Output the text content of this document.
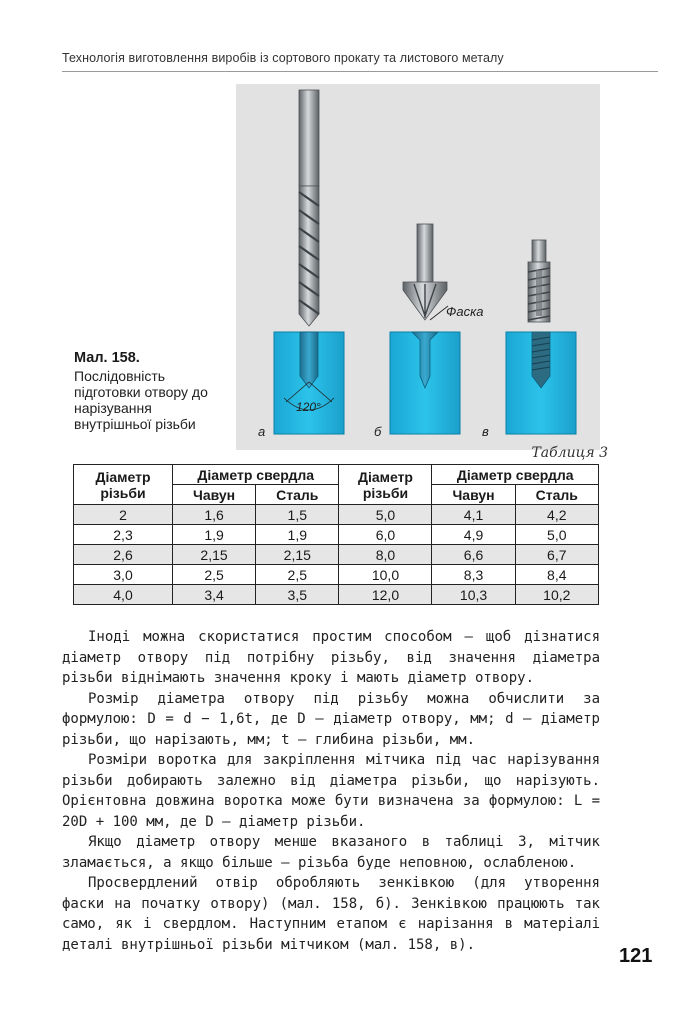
Технологія виготовлення виробів із сортового прокату та листового металу
120°
Фаска
а	б	в
Мал. 158.
Послідовність підготовки отвору до нарізування внутрішньої різьби
Таблиця 3
Діаметр різьби	Діаметр свердла		Діаметр різьби	Діаметр свердла	
	Чавун	Сталь		Чавун	Сталь
2	1,6	1,5	5,0	4,1	4,2
2,3	1,9	1,9	6,0	4,9	5,0
2,6	2,15	2,15	8,0	6,6	6,7
3,0	2,5	2,5	10,0	8,3	8,4
4,0	3,4	3,5	12,0	10,3	10,2

Іноді можна скористатися простим способом — щоб дізнатися діаметр отвору під потрібну різьбу, від значення діаметра різьби віднімають значення кроку і мають діаметр отвору.

Розмір діаметра отвору під різьбу можна обчислити за формулою: D = d − 1,6t, де D — діаметр отвору, мм; d — діаметр різьби, що нарізають, мм; t — глибина різьби, мм.

Розміри воротка для закріплення мітчика під час нарізування різьби добирають залежно від діаметра різьби, що нарізують. Орієнтовна довжина воротка може бути визначена за формулою: L = 20D + 100 мм, де D — діаметр різьби.

Якщо діаметр отвору менше вказаного в таблиці 3, мітчик зламається, а якщо більше — різьба буде неповною, ослабленою.

Просвердлений отвір обробляють зенківкою (для утворення фаски на початку отвору) (мал. 158, б). Зенківкою працюють так само, як і свердлом. Наступним етапом є нарізання в матеріалі деталі внутрішньої різьби мітчиком (мал. 158, в).

121
